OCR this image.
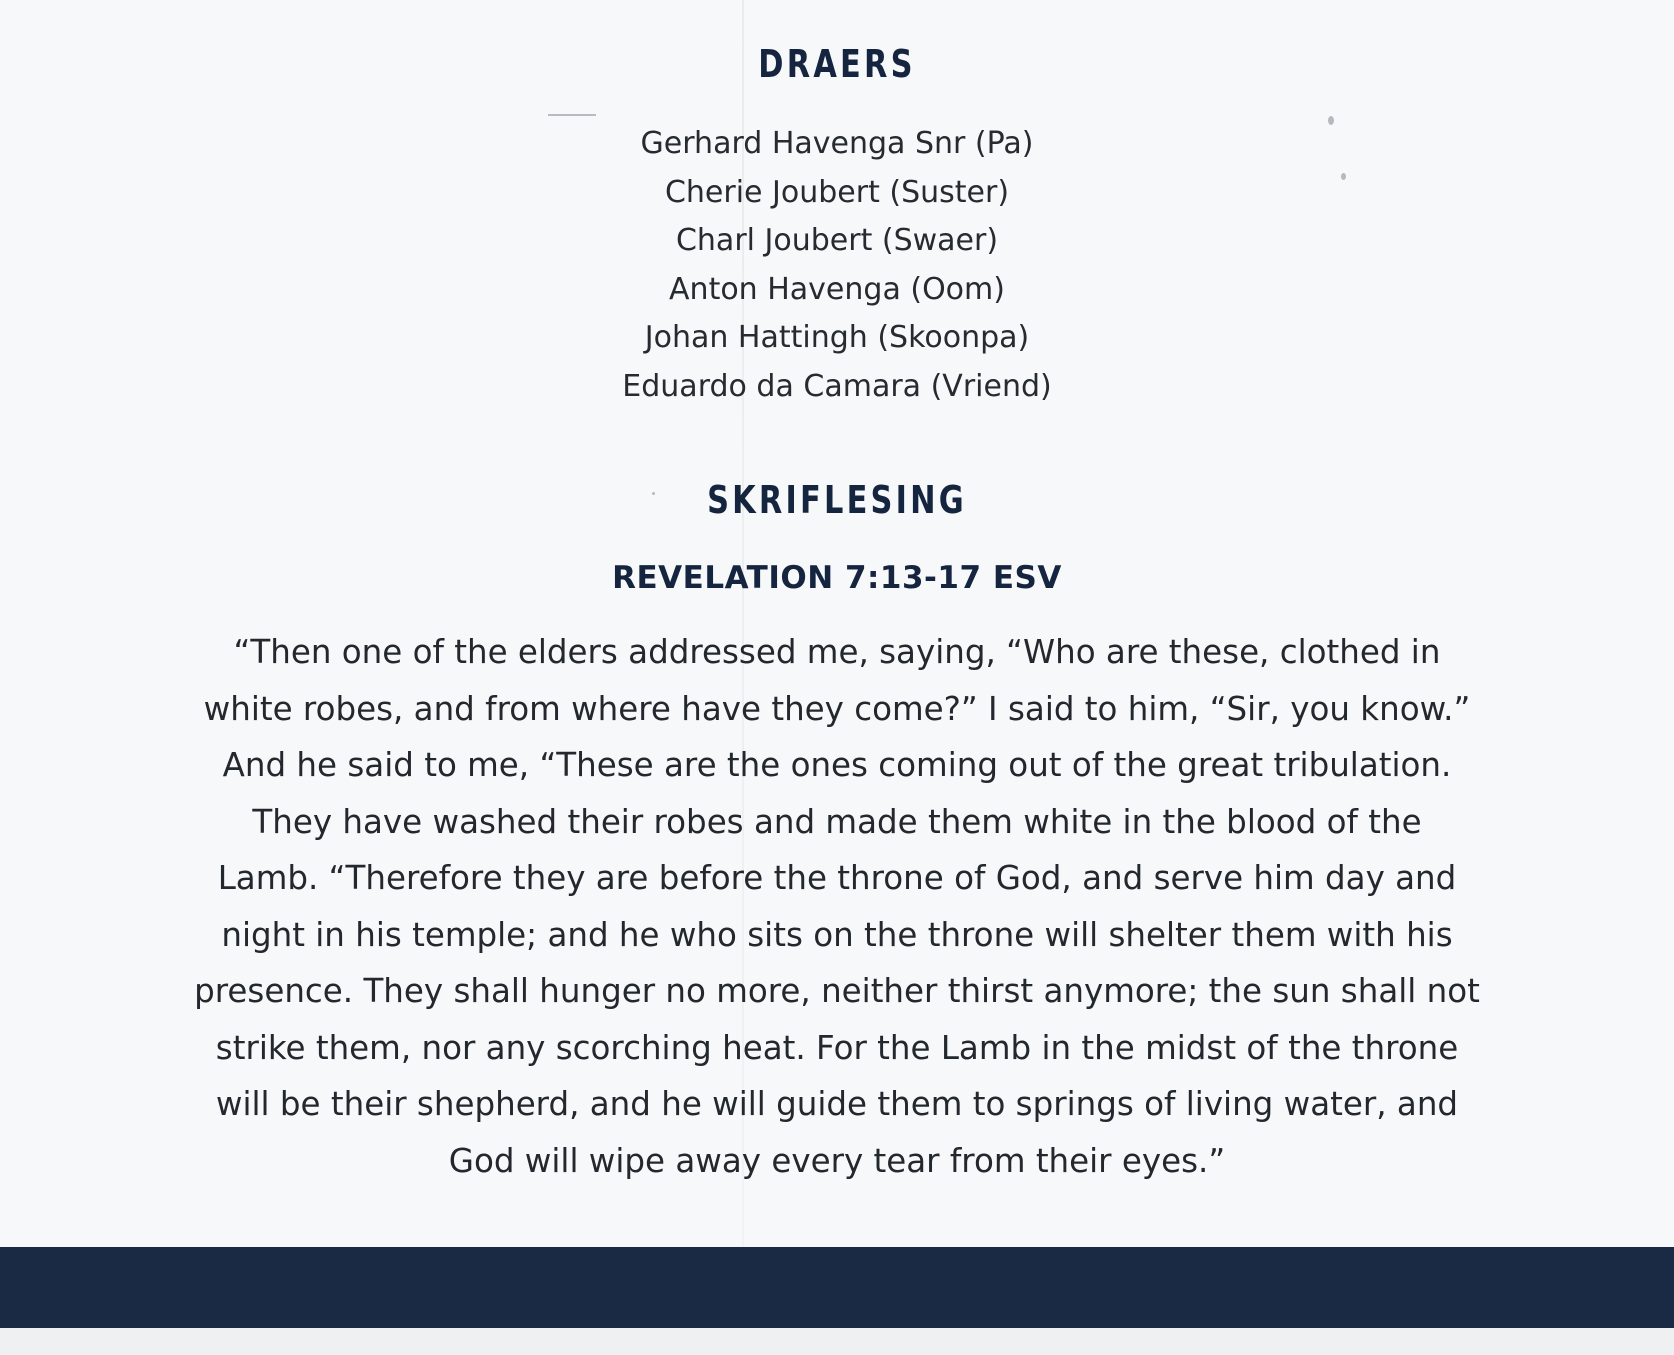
DRAERS
Gerhard Havenga Snr (Pa)
Cherie Joubert (Suster)
Charl Joubert (Swaer)
Anton Havenga (Oom)
Johan Hattingh (Skoonpa)
Eduardo da Camara (Vriend)
SKRIFLESING
REVELATION 7:13-17 ESV

“Then one of the elders addressed me, saying, “Who are these, clothed in
white robes, and from where have they come?” I said to him, “Sir, you know.”
And he said to me, “These are the ones coming out of the great tribulation.
They have washed their robes and made them white in the blood of the
Lamb. “Therefore they are before the throne of God, and serve him day and
night in his temple; and he who sits on the throne will shelter them with his
presence. They shall hunger no more, neither thirst anymore; the sun shall not
strike them, nor any scorching heat. For the Lamb in the midst of the throne
will be their shepherd, and he will guide them to springs of living water, and
God will wipe away every tear from their eyes.”
